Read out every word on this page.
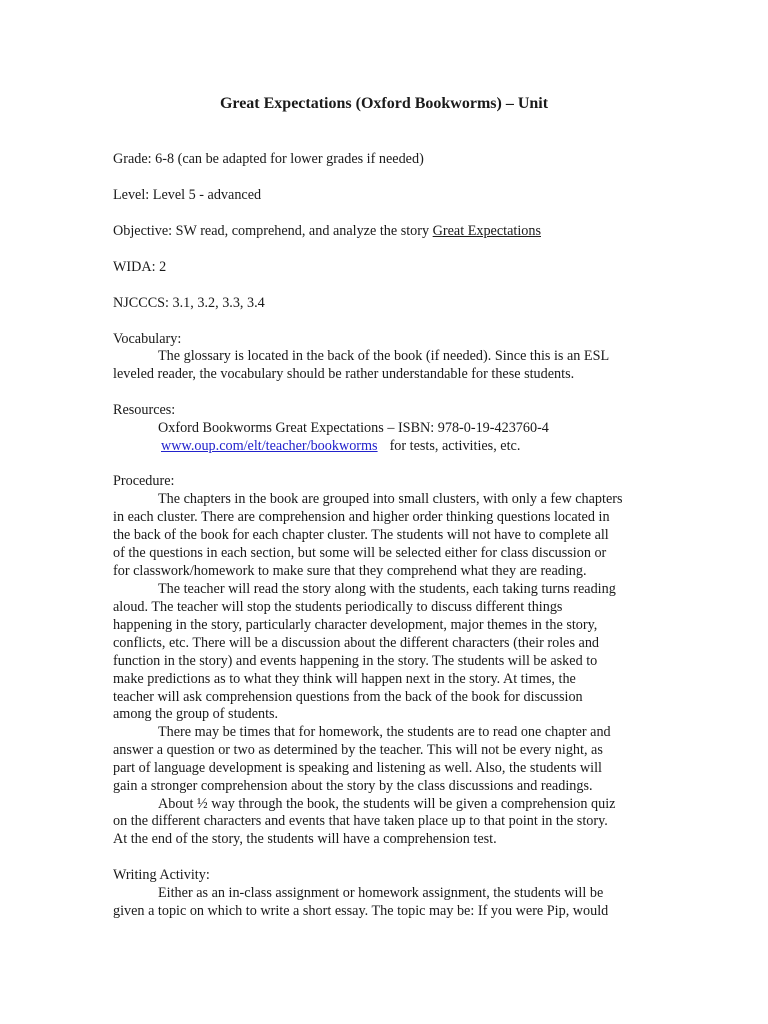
Great Expectations (Oxford Bookworms) – Unit
Grade: 6-8 (can be adapted for lower grades if needed)
Level: Level 5 - advanced
Objective: SW read, comprehend, and analyze the story Great Expectations
WIDA: 2
NJCCCS: 3.1, 3.2, 3.3, 3.4
Vocabulary:
The glossary is located in the back of the book (if needed). Since this is an ESL
leveled reader, the vocabulary should be rather understandable for these students.
Resources:
Oxford Bookworms Great Expectations – ISBN: 978-0-19-423760-4
www.oup.com/elt/teacher/bookworms for tests, activities, etc.
Procedure:
The chapters in the book are grouped into small clusters, with only a few chapters
in each cluster. There are comprehension and higher order thinking questions located in
the back of the book for each chapter cluster. The students will not have to complete all
of the questions in each section, but some will be selected either for class discussion or
for classwork/homework to make sure that they comprehend what they are reading.
The teacher will read the story along with the students, each taking turns reading
aloud. The teacher will stop the students periodically to discuss different things
happening in the story, particularly character development, major themes in the story,
conflicts, etc. There will be a discussion about the different characters (their roles and
function in the story) and events happening in the story. The students will be asked to
make predictions as to what they think will happen next in the story. At times, the
teacher will ask comprehension questions from the back of the book for discussion
among the group of students.
There may be times that for homework, the students are to read one chapter and
answer a question or two as determined by the teacher. This will not be every night, as
part of language development is speaking and listening as well. Also, the students will
gain a stronger comprehension about the story by the class discussions and readings.
About ½ way through the book, the students will be given a comprehension quiz
on the different characters and events that have taken place up to that point in the story.
At the end of the story, the students will have a comprehension test.
Writing Activity:
Either as an in-class assignment or homework assignment, the students will be
given a topic on which to write a short essay. The topic may be: If you were Pip, would
